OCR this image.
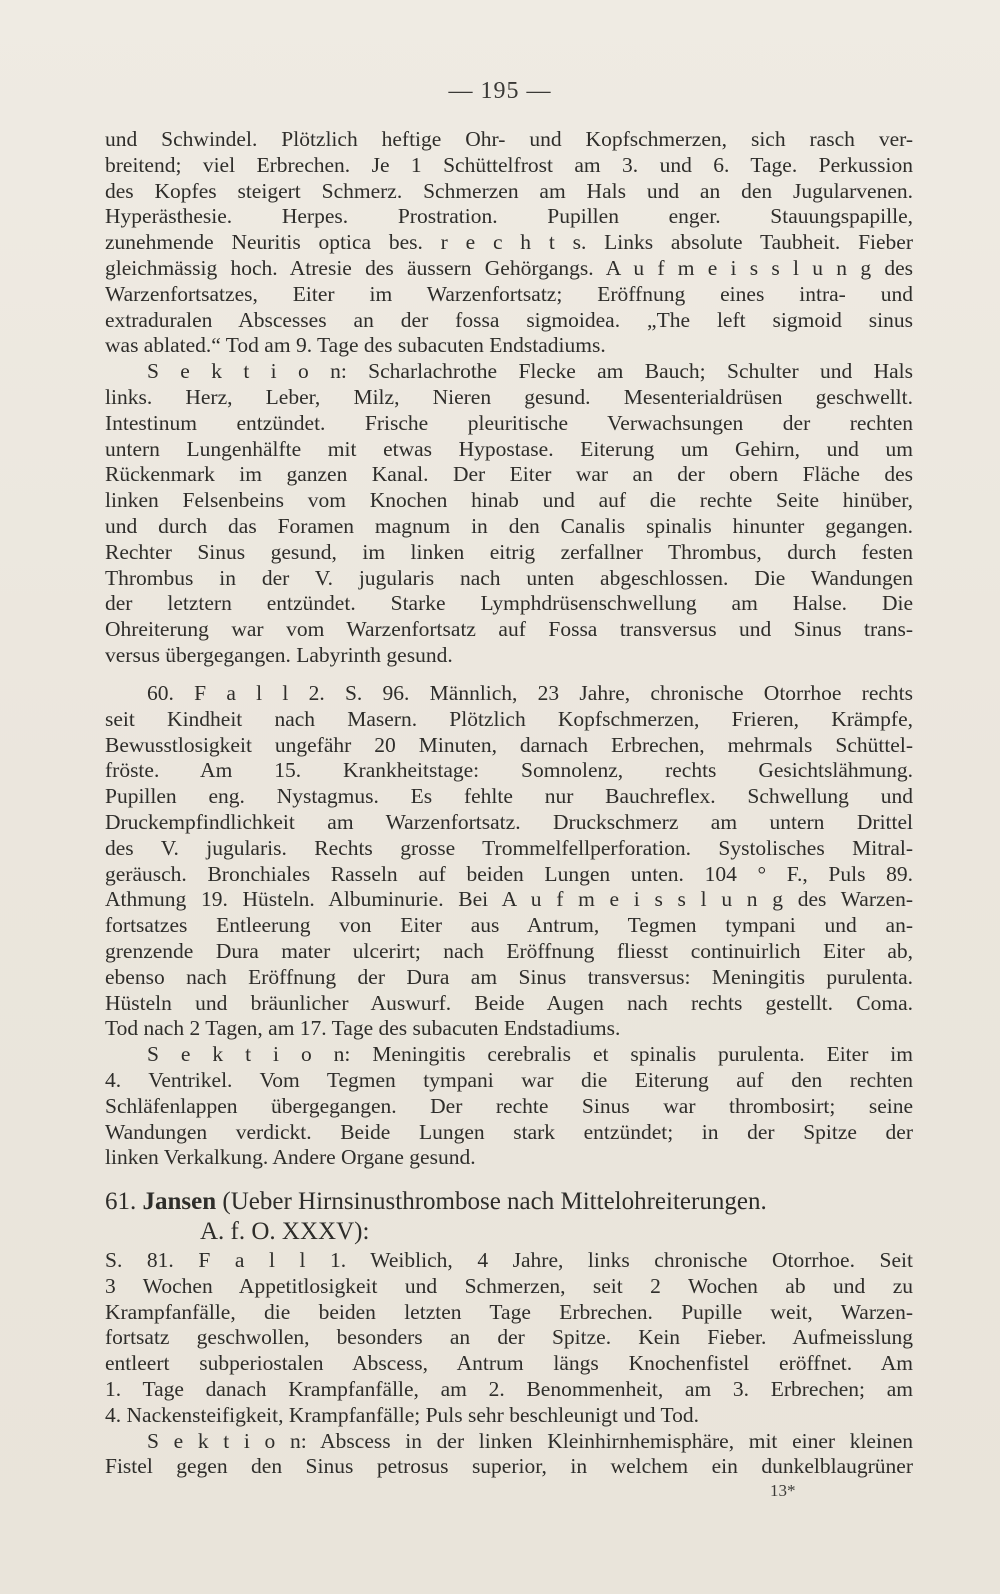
— 195 —
und Schwindel. Plötzlich heftige Ohr- und Kopfschmerzen, sich rasch ver-
breitend; viel Erbrechen. Je 1 Schüttelfrost am 3. und 6. Tage. Perkussion
des Kopfes steigert Schmerz. Schmerzen am Hals und an den Jugularvenen.
Hyperästhesie. Herpes. Prostration. Pupillen enger. Stauungspapille,
zunehmende Neuritis optica bes. r e c h t s. Links absolute Taubheit. Fieber
gleichmässig hoch. Atresie des äussern Gehörgangs. A u f m e i s s l u n g des
Warzenfortsatzes, Eiter im Warzenfortsatz; Eröffnung eines intra- und
extraduralen Abscesses an der fossa sigmoidea. „The left sigmoid sinus
was ablated.“ Tod am 9. Tage des subacuten Endstadiums.
S e k t i o n: Scharlachrothe Flecke am Bauch; Schulter und Hals
links. Herz, Leber, Milz, Nieren gesund. Mesenterialdrüsen geschwellt.
Intestinum entzündet. Frische pleuritische Verwachsungen der rechten
untern Lungenhälfte mit etwas Hypostase. Eiterung um Gehirn, und um
Rückenmark im ganzen Kanal. Der Eiter war an der obern Fläche des
linken Felsenbeins vom Knochen hinab und auf die rechte Seite hinüber,
und durch das Foramen magnum in den Canalis spinalis hinunter gegangen.
Rechter Sinus gesund, im linken eitrig zerfallner Thrombus, durch festen
Thrombus in der V. jugularis nach unten abgeschlossen. Die Wandungen
der letztern entzündet. Starke Lymphdrüsenschwellung am Halse. Die
Ohreiterung war vom Warzenfortsatz auf Fossa transversus und Sinus trans-
versus übergegangen. Labyrinth gesund.
60. F a l l 2. S. 96. Männlich, 23 Jahre, chronische Otorrhoe rechts
seit Kindheit nach Masern. Plötzlich Kopfschmerzen, Frieren, Krämpfe,
Bewusstlosigkeit ungefähr 20 Minuten, darnach Erbrechen, mehrmals Schüttel-
fröste. Am 15. Krankheitstage: Somnolenz, rechts Gesichtslähmung.
Pupillen eng. Nystagmus. Es fehlte nur Bauchreflex. Schwellung und
Druckempfindlichkeit am Warzenfortsatz. Druckschmerz am untern Drittel
des V. jugularis. Rechts grosse Trommelfellperforation. Systolisches Mitral-
geräusch. Bronchiales Rasseln auf beiden Lungen unten. 104 ° F., Puls 89.
Athmung 19. Hüsteln. Albuminurie. Bei A u f m e i s s l u n g des Warzen-
fortsatzes Entleerung von Eiter aus Antrum, Tegmen tympani und an-
grenzende Dura mater ulcerirt; nach Eröffnung fliesst continuirlich Eiter ab,
ebenso nach Eröffnung der Dura am Sinus transversus: Meningitis purulenta.
Hüsteln und bräunlicher Auswurf. Beide Augen nach rechts gestellt. Coma.
Tod nach 2 Tagen, am 17. Tage des subacuten Endstadiums.
S e k t i o n: Meningitis cerebralis et spinalis purulenta. Eiter im
4. Ventrikel. Vom Tegmen tympani war die Eiterung auf den rechten
Schläfenlappen übergegangen. Der rechte Sinus war thrombosirt; seine
Wandungen verdickt. Beide Lungen stark entzündet; in der Spitze der
linken Verkalkung. Andere Organe gesund.
61. Jansen (Ueber Hirnsinusthrombose nach Mittelohreiterungen.
A. f. O. XXXV):
S. 81. F a l l 1. Weiblich, 4 Jahre, links chronische Otorrhoe. Seit
3 Wochen Appetitlosigkeit und Schmerzen, seit 2 Wochen ab und zu
Krampfanfälle, die beiden letzten Tage Erbrechen. Pupille weit, Warzen-
fortsatz geschwollen, besonders an der Spitze. Kein Fieber. Aufmeisslung
entleert subperiostalen Abscess, Antrum längs Knochenfistel eröffnet. Am
1. Tage danach Krampfanfälle, am 2. Benommenheit, am 3. Erbrechen; am
4. Nackensteifigkeit, Krampfanfälle; Puls sehr beschleunigt und Tod.
S e k t i o n: Abscess in der linken Kleinhirnhemisphäre, mit einer kleinen
Fistel gegen den Sinus petrosus superior, in welchem ein dunkelblaugrüner
13*
